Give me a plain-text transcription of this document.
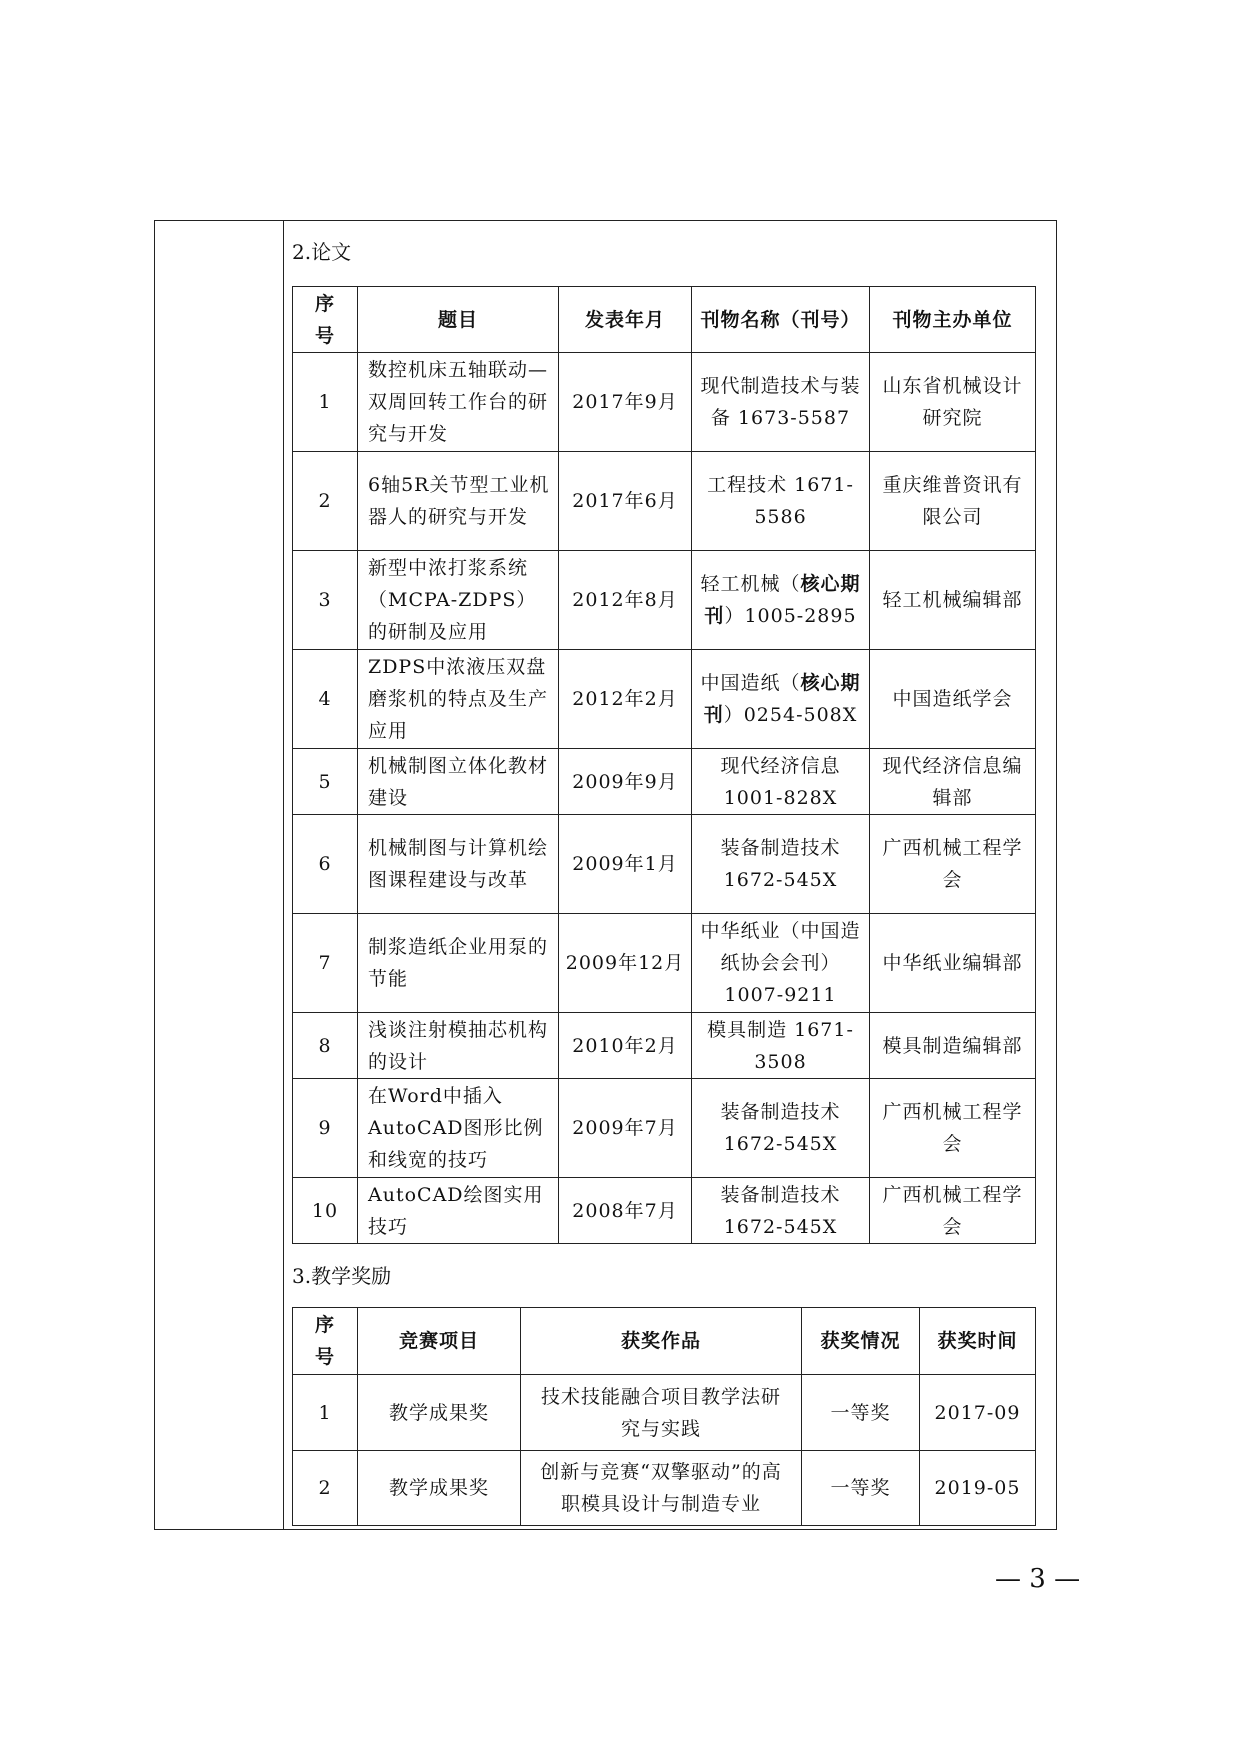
2.论文
序号	题目	发表年月	刊物名称（刊号）	刊物主办单位
1	数控机床五轴联动—双周回转工作台的研究与开发	2017年9月	现代制造技术与装备 1673-5587	山东省机械设计研究院
2	6轴5R关节型工业机器人的研究与开发	2017年6月	工程技术 1671-5586	重庆维普资讯有限公司
3	新型中浓打浆系统（MCPA-ZDPS）的研制及应用	2012年8月	轻工机械（核心期刊）1005-2895	轻工机械编辑部
4	ZDPS中浓液压双盘磨浆机的特点及生产应用	2012年2月	中国造纸（核心期刊）0254-508X	中国造纸学会
5	机械制图立体化教材建设	2009年9月	现代经济信息 1001-828X	现代经济信息编辑部
6	机械制图与计算机绘图课程建设与改革	2009年1月	装备制造技术 1672-545X	广西机械工程学会
7	制浆造纸企业用泵的节能	2009年12月	中华纸业（中国造纸协会会刊）1007-9211	中华纸业编辑部
8	浅谈注射模抽芯机构的设计	2010年2月	模具制造 1671-3508	模具制造编辑部
9	在Word中插入AutoCAD图形比例和线宽的技巧	2009年7月	装备制造技术 1672-545X	广西机械工程学会
10	AutoCAD绘图实用技巧	2008年7月	装备制造技术 1672-545X	广西机械工程学会
3.教学奖励
序号	竞赛项目	获奖作品	获奖情况	获奖时间
1	教学成果奖	技术技能融合项目教学法研究与实践	一等奖	2017-09
2	教学成果奖	创新与竞赛“双擎驱动”的高职模具设计与制造专业	一等奖	2019-05
— 3 —
